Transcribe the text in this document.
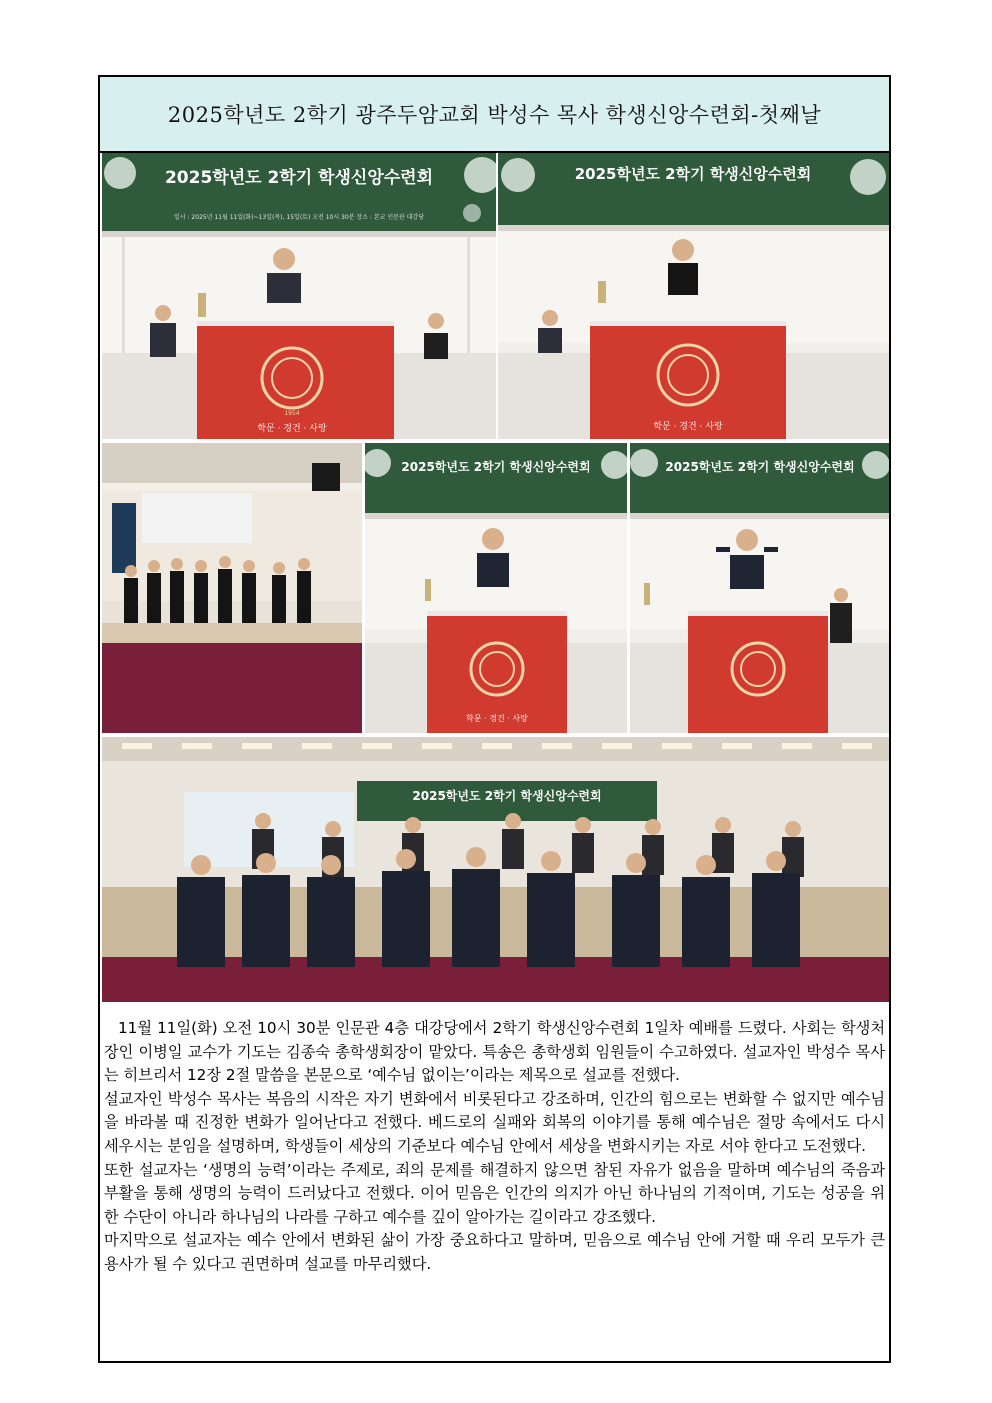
2025학년도 2학기 광주두암교회 박성수 목사 학생신앙수련회-첫째날
2025학년도 2학기 학생신앙수련회
일시 : 2025년 11월 11일(화)~13일(목), 15일(토) 오전 10시 30분 장소 : 본교 인문관 대강당
1954
학문 · 경건 · 사랑
2025학년도 2학기 학생신앙수련회
학문 · 경건 · 사랑
2025학년도 2학기 학생신앙수련회
학문 · 경건 · 사랑
2025학년도 2학기 학생신앙수련회
2025학년도 2학기 학생신앙수련회

11월 11일(화) 오전 10시 30분 인문관 4층 대강당에서 2학기 학생신앙수련회 1일차 예배를 드렸다. 사회는 학생처장인 이병일 교수가 기도는 김종숙 총학생회장이 맡았다. 특송은 총학생회 임원들이 수고하였다. 설교자인 박성수 목사는 히브리서 12장 2절 말씀을 본문으로 ‘예수님 없이는’이라는 제목으로 설교를 전했다.

설교자인 박성수 목사는 복음의 시작은 자기 변화에서 비롯된다고 강조하며, 인간의 힘으로는 변화할 수 없지만 예수님을 바라볼 때 진정한 변화가 일어난다고 전했다. 베드로의 실패와 회복의 이야기를 통해 예수님은 절망 속에서도 다시 세우시는 분임을 설명하며, 학생들이 세상의 기준보다 예수님 안에서 세상을 변화시키는 자로 서야 한다고 도전했다.

또한 설교자는 ‘생명의 능력’이라는 주제로, 죄의 문제를 해결하지 않으면 참된 자유가 없음을 말하며 예수님의 죽음과 부활을 통해 생명의 능력이 드러났다고 전했다. 이어 믿음은 인간의 의지가 아닌 하나님의 기적이며, 기도는 성공을 위한 수단이 아니라 하나님의 나라를 구하고 예수를 깊이 알아가는 길이라고 강조했다.

마지막으로 설교자는 예수 안에서 변화된 삶이 가장 중요하다고 말하며, 믿음으로 예수님 안에 거할 때 우리 모두가 큰 용사가 될 수 있다고 권면하며 설교를 마무리했다.
